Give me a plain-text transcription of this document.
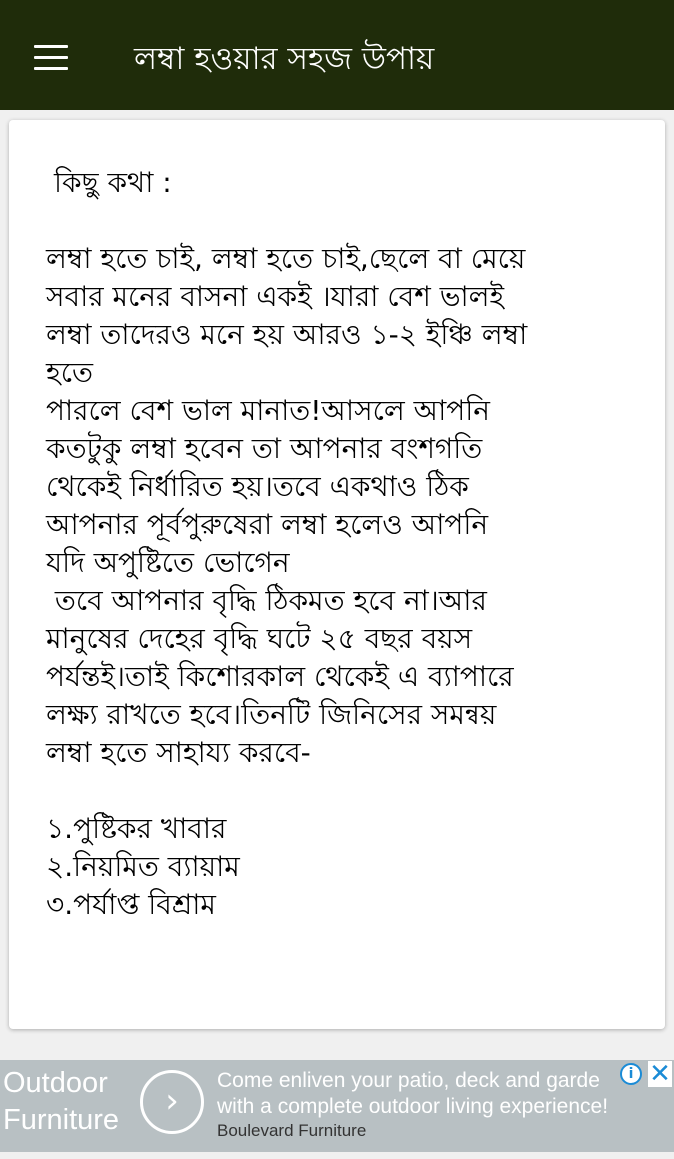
লম্বা হওয়ার সহজ উপায়

কিছু কথা :

লম্বা হতে চাই, লম্বা হতে চাই,ছেলে বা মেয়ে
সবার মনের বাসনা একই ।যারা বেশ ভালই
লম্বা তাদেরও মনে হয় আরও ১-২ ইঞ্চি লম্বা
হতে
পারলে বেশ ভাল মানাত!আসলে আপনি
কতটুকু লম্বা হবেন তা আপনার বংশগতি
থেকেই নির্ধারিত হয়।তবে একথাও ঠিক
আপনার পূর্বপুরুষেরা লম্বা হলেও আপনি
যদি অপুষ্টিতে ভোগেন
তবে আপনার বৃদ্ধি ঠিকমত হবে না।আর
মানুষের দেহের বৃদ্ধি ঘটে ২৫ বছর বয়স
পর্যন্তই।তাই কিশোরকাল থেকেই এ ব্যাপারে
লক্ষ্য রাখতে হবে।তিনটি জিনিসের সমন্বয়
লম্বা হতে সাহায্য করবে-

১.পুষ্টিকর খাবার

২.নিয়মিত ব্যায়াম

৩.পর্যাপ্ত বিশ্রাম

Outdoor
Furniture	›
Come enliven your patio, deck and garde
with a complete outdoor living experience!
Boulevard Furniture
i ✕
